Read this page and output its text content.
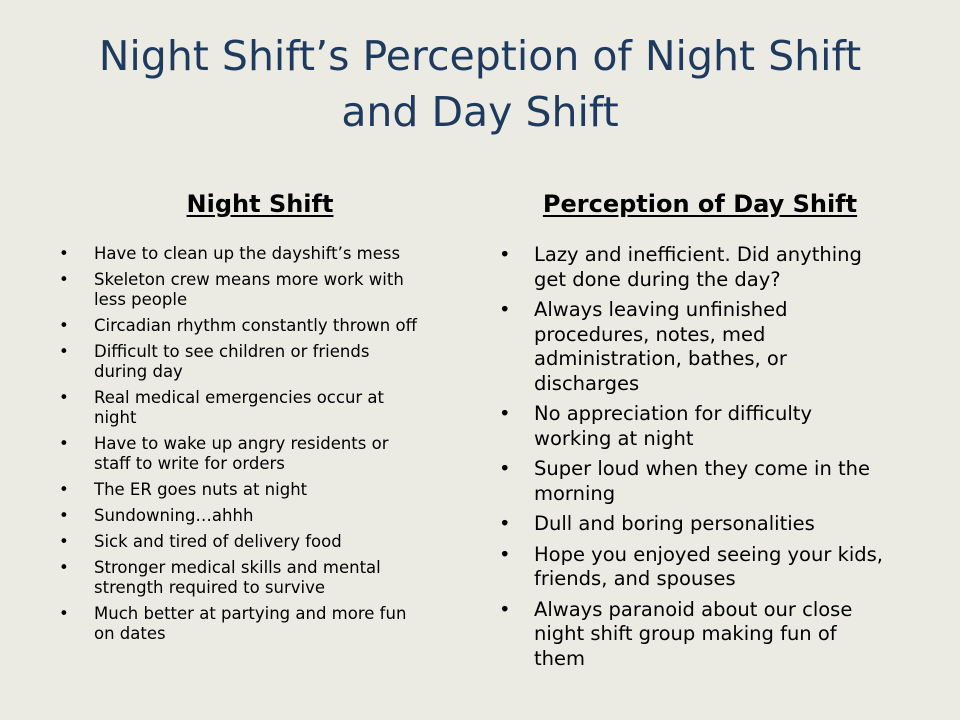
Night Shift’s Perception of Night Shift
and Day Shift
Night Shift	Perception of Day Shift
• Have to clean up the dayshift’s mess
• Skeleton crew means more work with
less people
• Circadian rhythm constantly thrown off
• Difficult to see children or friends
during day
• Real medical emergencies occur at
night
• Have to wake up angry residents or
staff to write for orders
• The ER goes nuts at night
• Sundowning…ahhh
• Sick and tired of delivery food
• Stronger medical skills and mental
strength required to survive
• Much better at partying and more fun
on dates
• Lazy and inefficient. Did anything
get done during the day?
• Always leaving unfinished
procedures, notes, med
administration, bathes, or
discharges
• No appreciation for difficulty
working at night
• Super loud when they come in the
morning
• Dull and boring personalities
• Hope you enjoyed seeing your kids,
friends, and spouses
• Always paranoid about our close
night shift group making fun of
them
